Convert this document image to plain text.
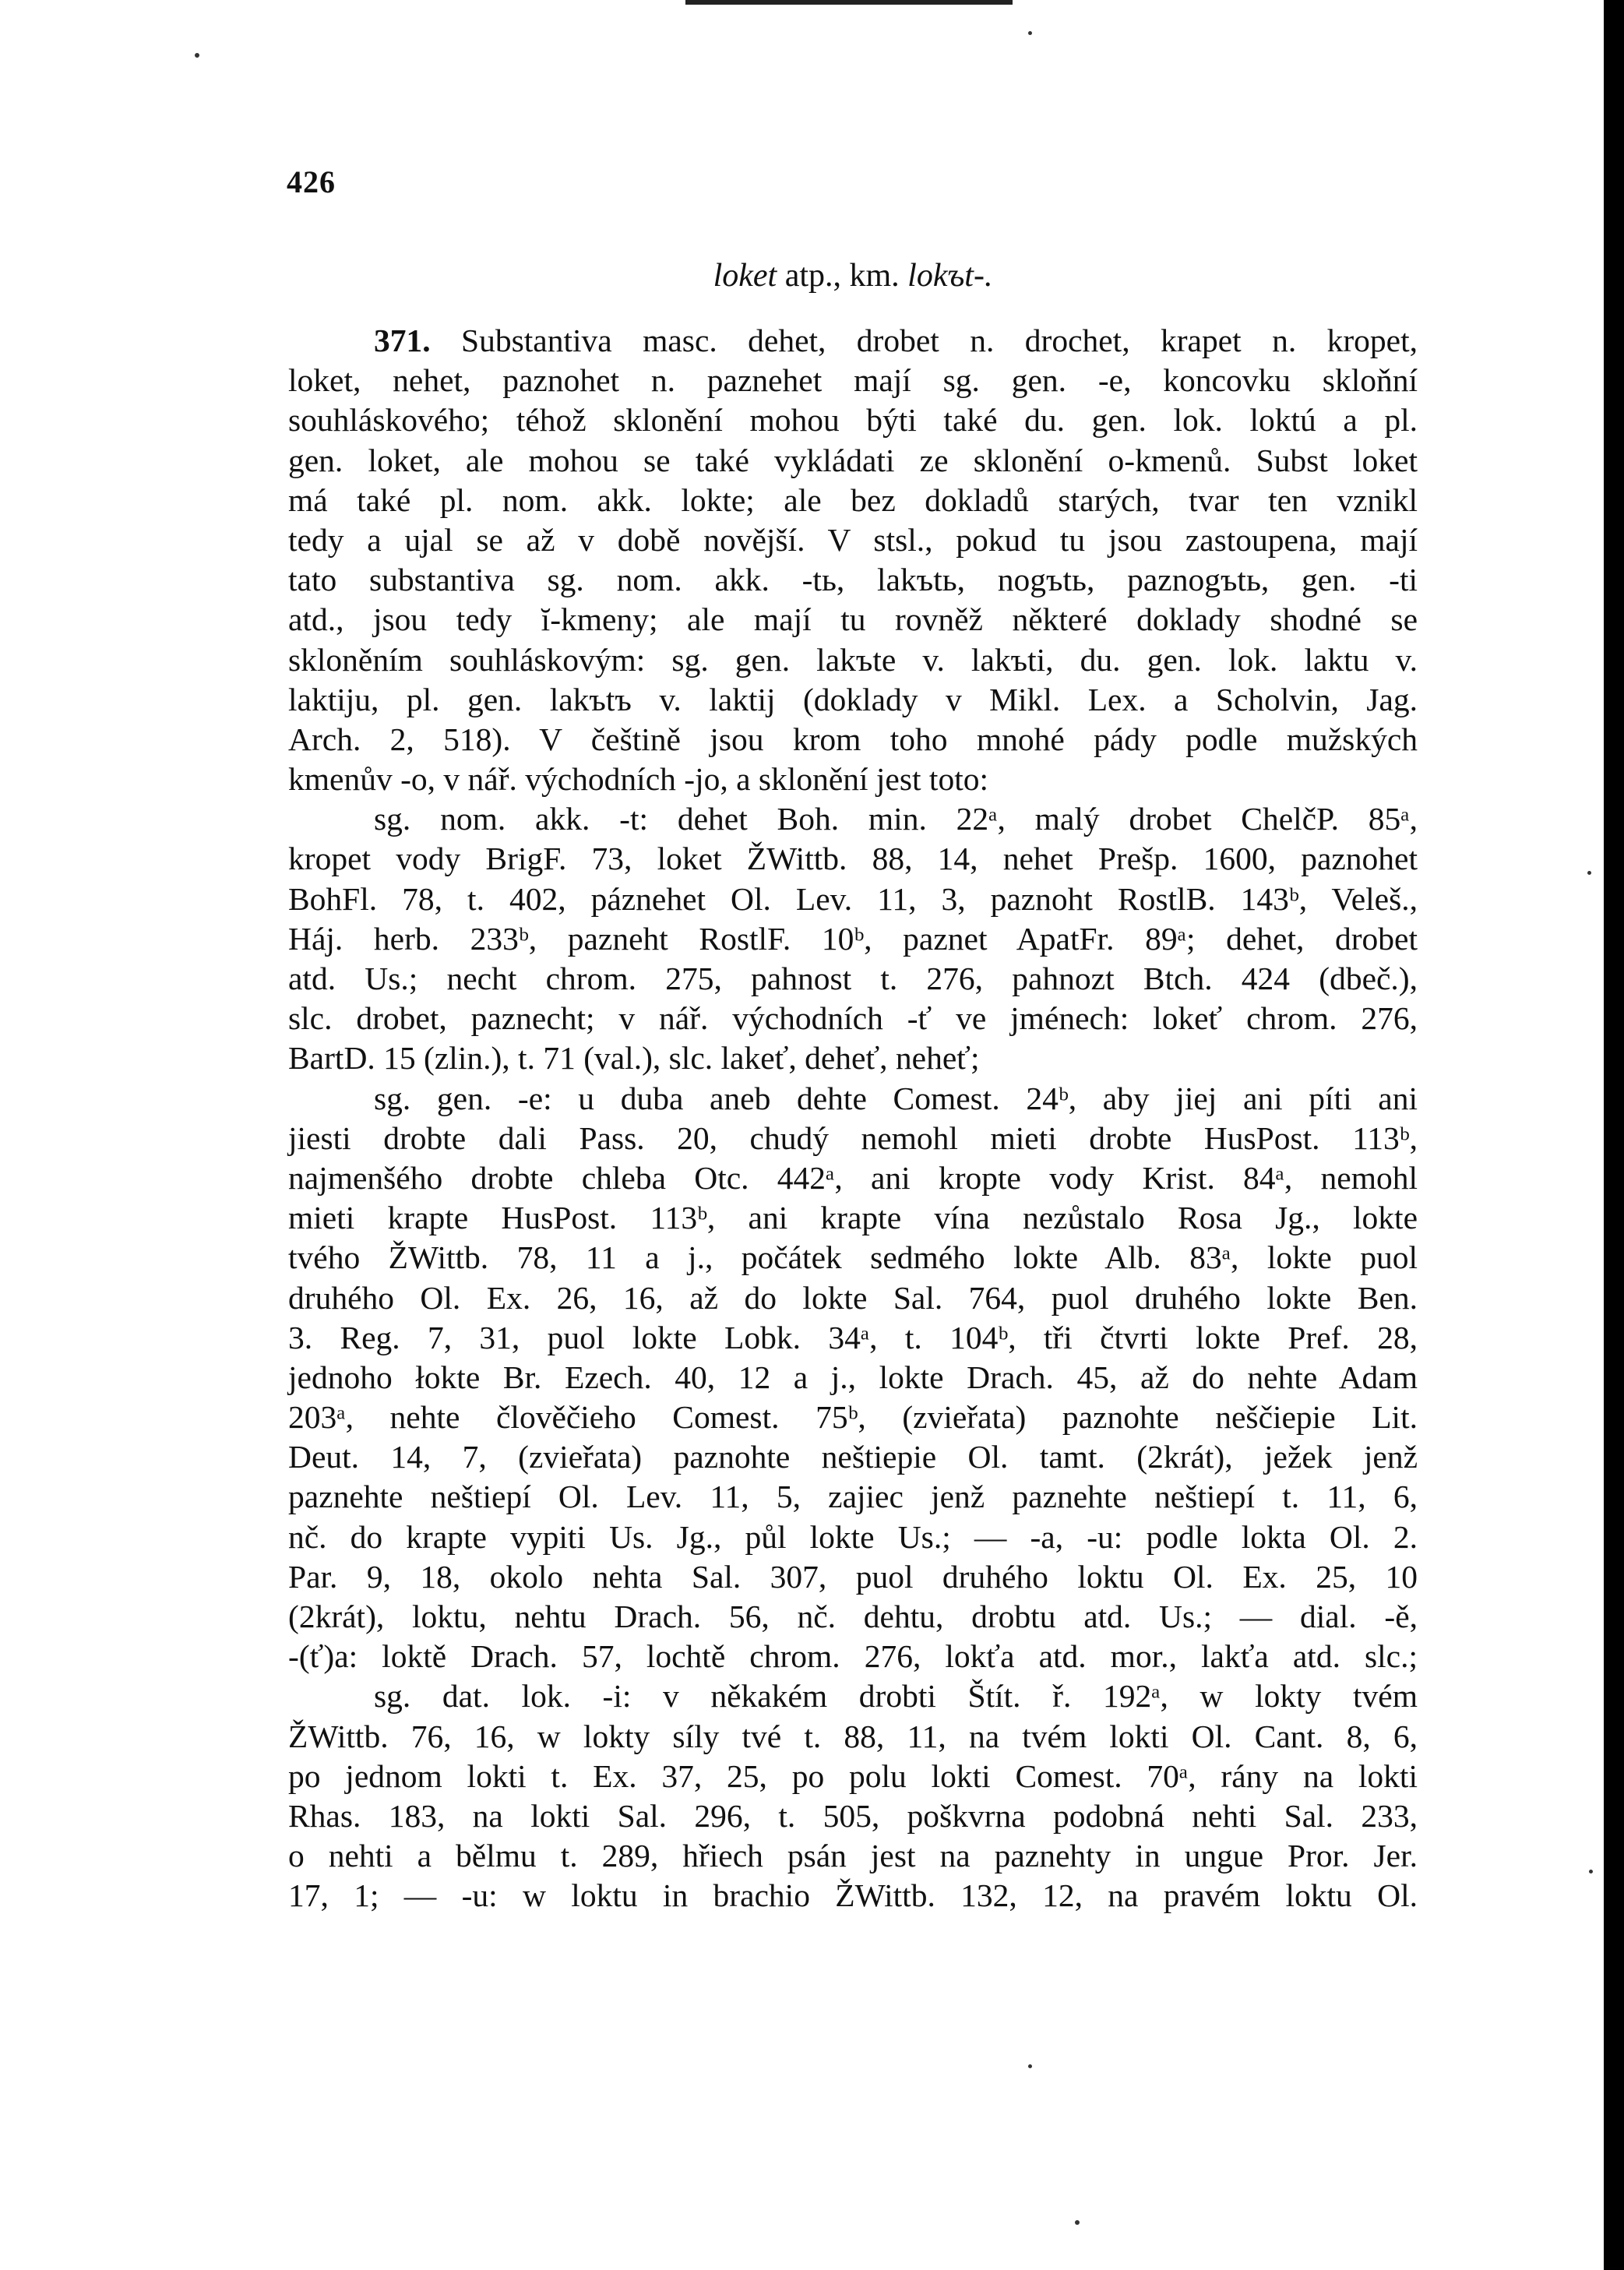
426
loket atp., km. lokъt-.
371. Substantiva masc. dehet, drobet n. drochet, krapet n. kropet,
loket, nehet, paznohet n. paznehet mají sg. gen. -e, koncovku skloňní
souhláskového; téhož sklonění mohou býti také du. gen. lok. loktú a pl.
gen. loket, ale mohou se také vykládati ze sklonění o-kmenů. Subst loket
má také pl. nom. akk. lokte; ale bez dokladů starých, tvar ten vznikl
tedy a ujal se až v době novější. V stsl., pokud tu jsou zastoupena, mají
tato substantiva sg. nom. akk. -tь, lakъtь, nogъtь, paznogъtь, gen. -ti
atd., jsou tedy ĭ-kmeny; ale mají tu rovněž některé doklady shodné se
skloněním souhláskovým: sg. gen. lakъte v. lakъti, du. gen. lok. laktu v.
laktiju, pl. gen. lakъtъ v. laktij (doklady v Mikl. Lex. a Scholvin, Jag.
Arch. 2, 518). V češtině jsou krom toho mnohé pády podle mužských
kmenův -o, v nář. východních -jo, a sklonění jest toto:
sg. nom. akk. -t: dehet Boh. min. 22ᵃ, malý drobet ChelčP. 85ᵃ,
kropet vody BrigF. 73, loket ŽWittb. 88, 14, nehet Prešp. 1600, paznohet
BohFl. 78, t. 402, páznehet Ol. Lev. 11, 3, paznoht RostlB. 143ᵇ, Veleš.,
Háj. herb. 233ᵇ, pazneht RostlF. 10ᵇ, paznet ApatFr. 89ᵃ; dehet, drobet
atd. Us.; necht chrom. 275, pahnost t. 276, pahnozt Btch. 424 (dbeč.),
slc. drobet, paznecht; v nář. východních -ť ve jménech: lokeť chrom. 276,
BartD. 15 (zlin.), t. 71 (val.), slc. lakeť, deheť, neheť;
sg. gen. -e: u duba aneb dehte Comest. 24ᵇ, aby jiej ani píti ani
jiesti drobte dali Pass. 20, chudý nemohl mieti drobte HusPost. 113ᵇ,
najmenšého drobte chleba Otc. 442ᵃ, ani kropte vody Krist. 84ᵃ, nemohl
mieti krapte HusPost. 113ᵇ, ani krapte vína nezůstalo Rosa Jg., lokte
tvého ŽWittb. 78, 11 a j., počátek sedmého lokte Alb. 83ᵃ, lokte puol
druhého Ol. Ex. 26, 16, až do lokte Sal. 764, puol druhého lokte Ben.
3. Reg. 7, 31, puol lokte Lobk. 34ᵃ, t. 104ᵇ, tři čtvrti lokte Pref. 28,
jednoho łokte Br. Ezech. 40, 12 a j., lokte Drach. 45, až do nehte Adam
203ᵃ, nehte člověčieho Comest. 75ᵇ, (zvieřata) paznohte neščiepie Lit.
Deut. 14, 7, (zvieřata) paznohte neštiepie Ol. tamt. (2krát), ježek jenž
paznehte neštiepí Ol. Lev. 11, 5, zajiec jenž paznehte neštiepí t. 11, 6,
nč. do krapte vypiti Us. Jg., půl lokte Us.; — -a, -u: podle lokta Ol. 2.
Par. 9, 18, okolo nehta Sal. 307, puol druhého loktu Ol. Ex. 25, 10
(2krát), loktu, nehtu Drach. 56, nč. dehtu, drobtu atd. Us.; — dial. -ě,
-(ť)a: loktě Drach. 57, lochtě chrom. 276, lokťa atd. mor., lakťa atd. slc.;
sg. dat. lok. -i: v někakém drobti Štít. ř. 192ᵃ, w lokty tvém
ŽWittb. 76, 16, w lokty síly tvé t. 88, 11, na tvém lokti Ol. Cant. 8, 6,
po jednom lokti t. Ex. 37, 25, po polu lokti Comest. 70ᵃ, rány na lokti
Rhas. 183, na lokti Sal. 296, t. 505, poškvrna podobná nehti Sal. 233,
o nehti a bělmu t. 289, hřiech psán jest na paznehty in ungue Pror. Jer.
17, 1; — -u: w loktu in brachio ŽWittb. 132, 12, na pravém loktu Ol.
